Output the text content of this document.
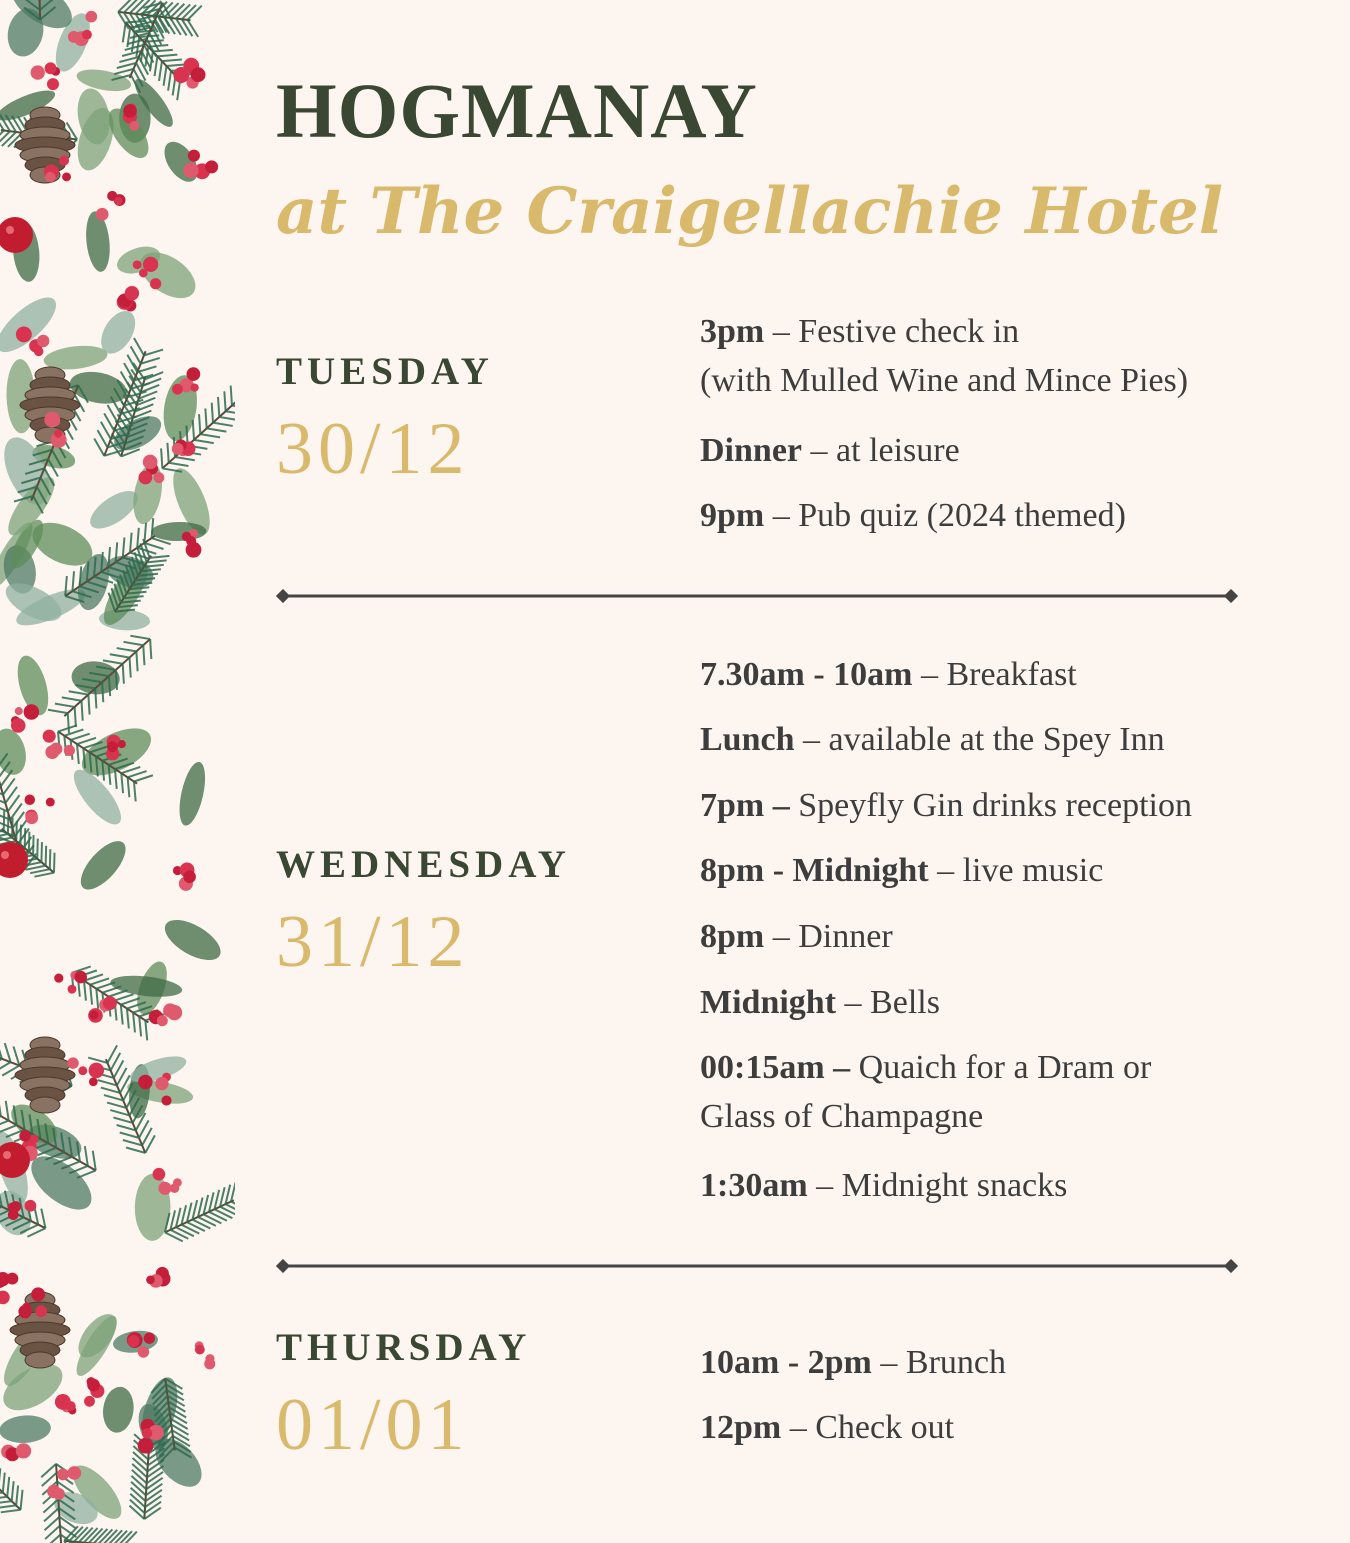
HOGMANAY
at The Craigellachie Hotel
TUESDAY
30/12
3pm – Festive check in
(with Mulled Wine and Mince Pies)
Dinner – at leisure
9pm – Pub quiz (2024 themed)
WEDNESDAY
31/12
7.30am - 10am – Breakfast
Lunch – available at the Spey Inn
7pm – Speyfly Gin drinks reception
8pm - Midnight – live music
8pm – Dinner
Midnight – Bells
00:15am – Quaich for a Dram or
Glass of Champagne
1:30am – Midnight snacks
THURSDAY
01/01
10am - 2pm – Brunch
12pm – Check out
